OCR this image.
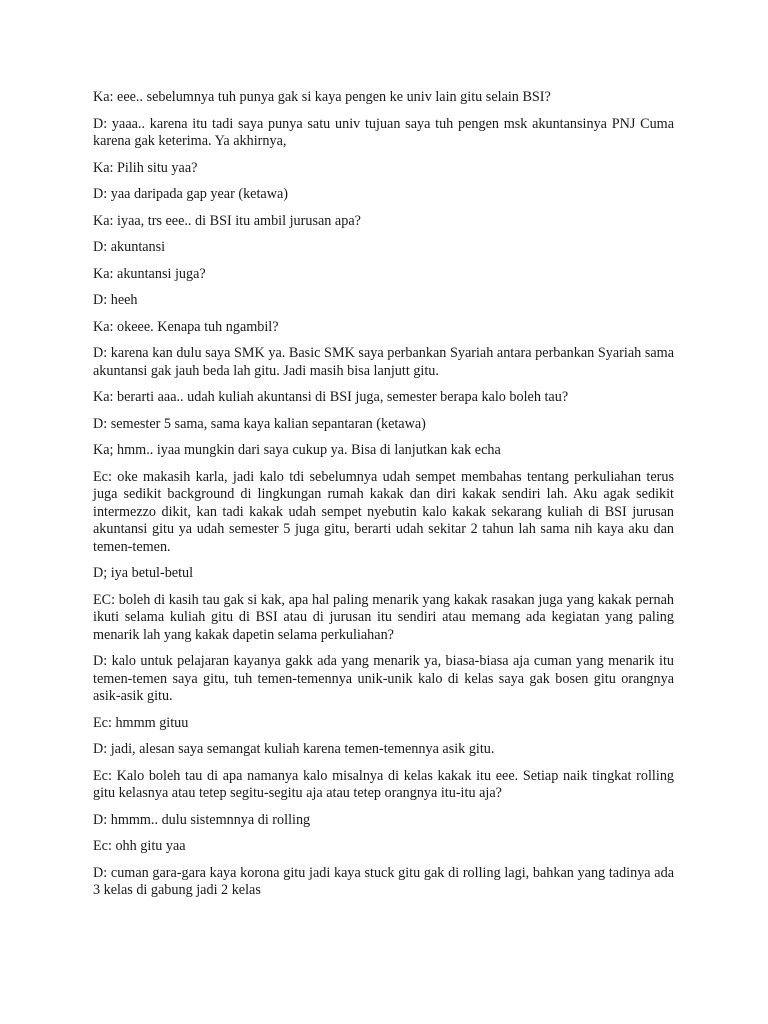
Ka: eee.. sebelumnya tuh punya gak si kaya pengen ke univ lain gitu selain BSI?

D: yaaa.. karena itu tadi saya punya satu univ tujuan saya tuh pengen msk akuntansinya PNJ Cuma karena gak keterima. Ya akhirnya,

Ka: Pilih situ yaa?

D: yaa daripada gap year (ketawa)

Ka: iyaa, trs eee.. di BSI itu ambil jurusan apa?

D: akuntansi

Ka: akuntansi juga?

D: heeh

Ka: okeee. Kenapa tuh ngambil?

D: karena kan dulu saya SMK ya. Basic SMK saya perbankan Syariah antara perbankan Syariah sama akuntansi gak jauh beda lah gitu. Jadi masih bisa lanjutt gitu.

Ka: berarti aaa.. udah kuliah akuntansi di BSI juga, semester berapa kalo boleh tau?

D: semester 5 sama, sama kaya kalian sepantaran (ketawa)

Ka; hmm.. iyaa mungkin dari saya cukup ya. Bisa di lanjutkan kak echa

Ec: oke makasih karla, jadi kalo tdi sebelumnya udah sempet membahas tentang perkuliahan terus juga sedikit background di lingkungan rumah kakak dan diri kakak sendiri lah. Aku agak sedikit intermezzo dikit, kan tadi kakak udah sempet nyebutin kalo kakak sekarang kuliah di BSI jurusan akuntansi gitu ya udah semester 5 juga gitu, berarti udah sekitar 2 tahun lah sama nih kaya aku dan temen-temen.

D; iya betul-betul

EC: boleh di kasih tau gak si kak, apa hal paling menarik yang kakak rasakan juga yang kakak pernah ikuti selama kuliah gitu di BSI atau di jurusan itu sendiri atau memang ada kegiatan yang paling menarik lah yang kakak dapetin selama perkuliahan?

D: kalo untuk pelajaran kayanya gakk ada yang menarik ya, biasa-biasa aja cuman yang menarik itu temen-temen saya gitu, tuh temen-temennya unik-unik kalo di kelas saya gak bosen gitu orangnya asik-asik gitu.

Ec: hmmm gituu

D: jadi, alesan saya semangat kuliah karena temen-temennya asik gitu.

Ec: Kalo boleh tau di apa namanya kalo misalnya di kelas kakak itu eee. Setiap naik tingkat rolling gitu kelasnya atau tetep segitu-segitu aja atau tetep orangnya itu-itu aja?

D: hmmm.. dulu sistemnnya di rolling

Ec: ohh gitu yaa

D: cuman gara-gara kaya korona gitu jadi kaya stuck gitu gak di rolling lagi, bahkan yang tadinya ada 3 kelas di gabung jadi 2 kelas
